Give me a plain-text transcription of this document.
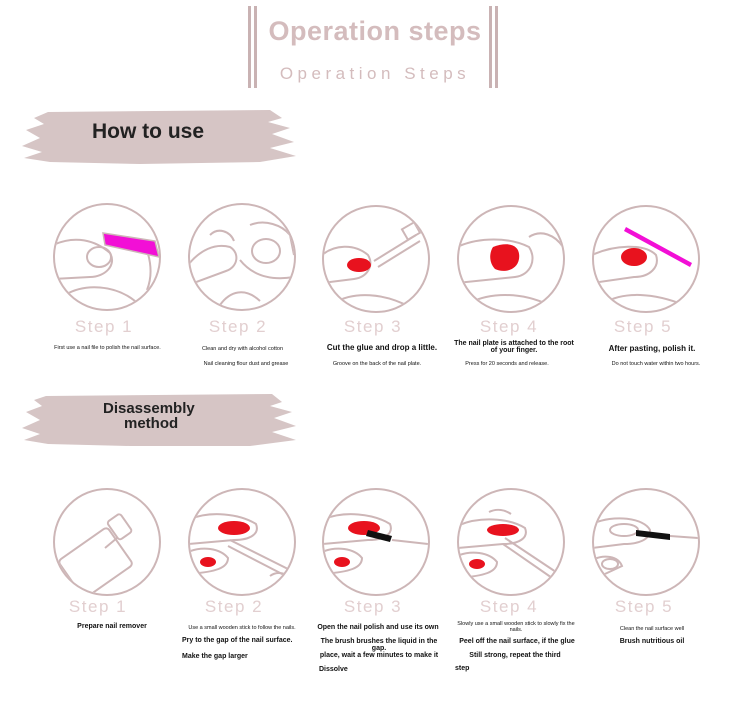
Operation steps
Operation Steps
How to use
Step 1	Step 2	Step 3	Step 4	Step 5
First use a nail file to polish the nail surface.	Clean and dry with alcohol cotton
Nail cleaning flour dust and grease
Cut the glue and drop a little.
Groove on the back of the nail plate.
The nail plate is attached to the root of your finger.
Press for 20 seconds and release.
After pasting, polish it.
Do not touch water within two hours.
Disassembly
method
Step 1	Step 2	Step 3	Step 4	Step 5
Prepare nail remover	Use a small wooden stick to follow the nails.
Pry to the gap of the nail surface.
Make the gap larger
Open the nail polish and use its own
The brush brushes the liquid in the gap.
place, wait a few minutes to make it
Dissolve
Slowly use a small wooden stick to slowly fix the nails.
Peel off the nail surface, if the glue
Still strong, repeat the third
step
Clean the nail surface well
Brush nutritious oil
